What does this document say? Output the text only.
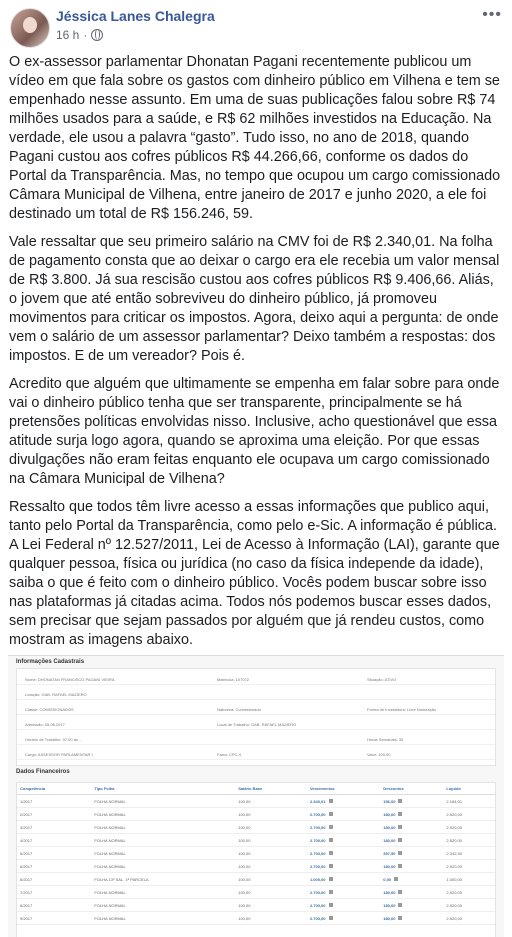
Jéssica Lanes Chalegra
16 h ·
•••

O ex-assessor parlamentar Dhonatan Pagani recentemente publicou um vídeo em que fala sobre os gastos com dinheiro público em Vilhena e tem se empenhado nesse assunto. Em uma de suas publicações falou sobre R$ 74 milhões usados para a saúde, e R$ 62 milhões investidos na Educação. Na verdade, ele usou a palavra “gasto”. Tudo isso, no ano de 2018, quando Pagani custou aos cofres públicos R$ 44.266,66, conforme os dados do Portal da Transparência. Mas, no tempo que ocupou um cargo comissionado Câmara Municipal de Vilhena, entre janeiro de 2017 e junho 2020, a ele foi destinado um total de R$ 156.246, 59.

Vale ressaltar que seu primeiro salário na CMV foi de R$ 2.340,01. Na folha de pagamento consta que ao deixar o cargo era ele recebia um valor mensal de R$ 3.800. Já sua rescisão custou aos cofres públicos R$ 9.406,66. Aliás, o jovem que até então sobreviveu do dinheiro público, já promoveu movimentos para criticar os impostos. Agora, deixo aqui a pergunta: de onde vem o salário de um assessor parlamentar? Deixo também a respostas: dos impostos. E de um vereador? Pois é.

Acredito que alguém que ultimamente se empenha em falar sobre para onde vai o dinheiro público tenha que ser transparente, principalmente se há pretensões políticas envolvidas nisso. Inclusive, acho questionável que essa atitude surja logo agora, quando se aproxima uma eleição. Por que essas divulgações não eram feitas enquanto ele ocupava um cargo comissionado na Câmara Municipal de Vilhena?

Ressalto que todos têm livre acesso a essas informações que publico aqui, tanto pelo Portal da Transparência, como pelo e-Sic. A informação é pública. A Lei Federal nº 12.527/2011, Lei de Acesso à Informação (LAI), garante que qualquer pessoa, física ou jurídica (no caso da física independe da idade), saiba o que é feito com o dinheiro público. Vocês podem buscar sobre isso nas plataformas já citadas acima. Todos nós podemos buscar esses dados, sem precisar que sejam passados por alguém que já rendeu custos, como mostram as imagens abaixo.

Informações Cadastrais
Nome: DHONATAN FRANCISCO PAGANI VIEIRA	Matrícula: 107072	Situação: ATIVO
Lotação: GAB. RAFAEL MAZIERO
Classe: COMISSIONADOS	Natureza: Comissionado	Forma de Investidura: Livre Nomeação
Admissão: 05.06.2017	Local de Trabalho: GAB. RAFAEL MAZIERO
Horário de Trabalho: 07:00 às ...	Horas Semanais: 30
Cargo: ASSESSOR PARLAMENTAR I	Faixa: CPC-4	Valor: 100,00
Dados Financeiros
Competência	Tipo Folha	Salário Base	Vencimentos	Descontos	Líquido
1/2017	FOLHA NORMAL	100,00	2.340,01	156,00	2.184,01
2/2017	FOLHA NORMAL	100,00	2.700,00	180,00	2.520,00
3/2017	FOLHA NORMAL	100,00	2.700,00	180,00	2.520,00
4/2017	FOLHA NORMAL	100,00	2.700,00	180,00	2.520,00
5/2017	FOLHA NORMAL	100,00	2.700,00	357,50	2.342,50
6/2017	FOLHA NORMAL	100,00	2.700,00	180,00	2.520,00
6/2017	FOLHA 13º SAL. 1ª PARCELA	100,00	1.000,00	0,00	1.000,00
7/2017	FOLHA NORMAL	100,00	2.700,00	180,00	2.520,00
8/2017	FOLHA NORMAL	100,00	2.700,00	180,00	2.520,00
9/2017	FOLHA NORMAL	100,00	2.700,00	180,00	2.520,00
